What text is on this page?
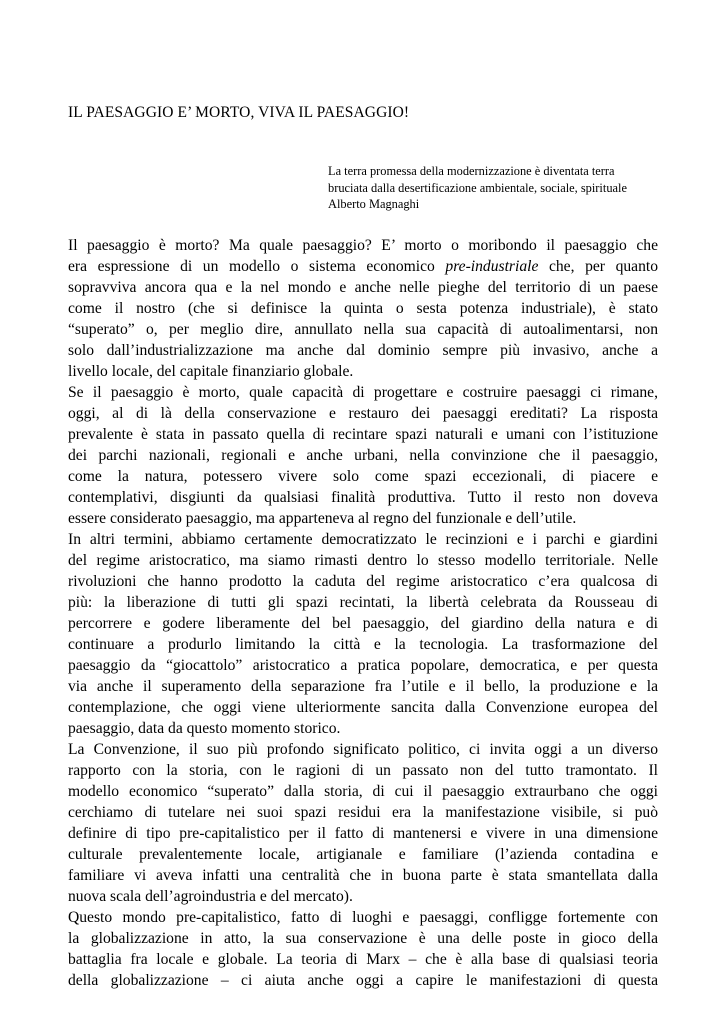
IL PAESAGGIO E’ MORTO, VIVA IL PAESAGGIO!
La terra promessa della modernizzazione è diventata terra
bruciata dalla desertificazione ambientale, sociale, spirituale
Alberto Magnaghi
Il paesaggio è morto? Ma quale paesaggio? E’ morto o moribondo il paesaggio che
era espressione di un modello o sistema economico pre-industriale che, per quanto
sopravviva ancora qua e la nel mondo e anche nelle pieghe del territorio di un paese
come il nostro (che si definisce la quinta o sesta potenza industriale), è stato
“superato” o, per meglio dire, annullato nella sua capacità di autoalimentarsi, non
solo dall’industrializzazione ma anche dal dominio sempre più invasivo, anche a
livello locale, del capitale finanziario globale.
Se il paesaggio è morto, quale capacità di progettare e costruire paesaggi ci rimane,
oggi, al di là della conservazione e restauro dei paesaggi ereditati? La risposta
prevalente è stata in passato quella di recintare spazi naturali e umani con l’istituzione
dei parchi nazionali, regionali e anche urbani, nella convinzione che il paesaggio,
come la natura, potessero vivere solo come spazi eccezionali, di piacere e
contemplativi, disgiunti da qualsiasi finalità produttiva. Tutto il resto non doveva
essere considerato paesaggio, ma apparteneva al regno del funzionale e dell’utile.
In altri termini, abbiamo certamente democratizzato le recinzioni e i parchi e giardini
del regime aristocratico, ma siamo rimasti dentro lo stesso modello territoriale. Nelle
rivoluzioni che hanno prodotto la caduta del regime aristocratico c’era qualcosa di
più: la liberazione di tutti gli spazi recintati, la libertà celebrata da Rousseau di
percorrere e godere liberamente del bel paesaggio, del giardino della natura e di
continuare a produrlo limitando la città e la tecnologia. La trasformazione del
paesaggio da “giocattolo” aristocratico a pratica popolare, democratica, e per questa
via anche il superamento della separazione fra l’utile e il bello, la produzione e la
contemplazione, che oggi viene ulteriormente sancita dalla Convenzione europea del
paesaggio, data da questo momento storico.
La Convenzione, il suo più profondo significato politico, ci invita oggi a un diverso
rapporto con la storia, con le ragioni di un passato non del tutto tramontato. Il
modello economico “superato” dalla storia, di cui il paesaggio extraurbano che oggi
cerchiamo di tutelare nei suoi spazi residui era la manifestazione visibile, si può
definire di tipo pre-capitalistico per il fatto di mantenersi e vivere in una dimensione
culturale prevalentemente locale, artigianale e familiare (l’azienda contadina e
familiare vi aveva infatti una centralità che in buona parte è stata smantellata dalla
nuova scala dell’agroindustria e del mercato).
Questo mondo pre-capitalistico, fatto di luoghi e paesaggi, confligge fortemente con
la globalizzazione in atto, la sua conservazione è una delle poste in gioco della
battaglia fra locale e globale. La teoria di Marx – che è alla base di qualsiasi teoria
della globalizzazione – ci aiuta anche oggi a capire le manifestazioni di questa
